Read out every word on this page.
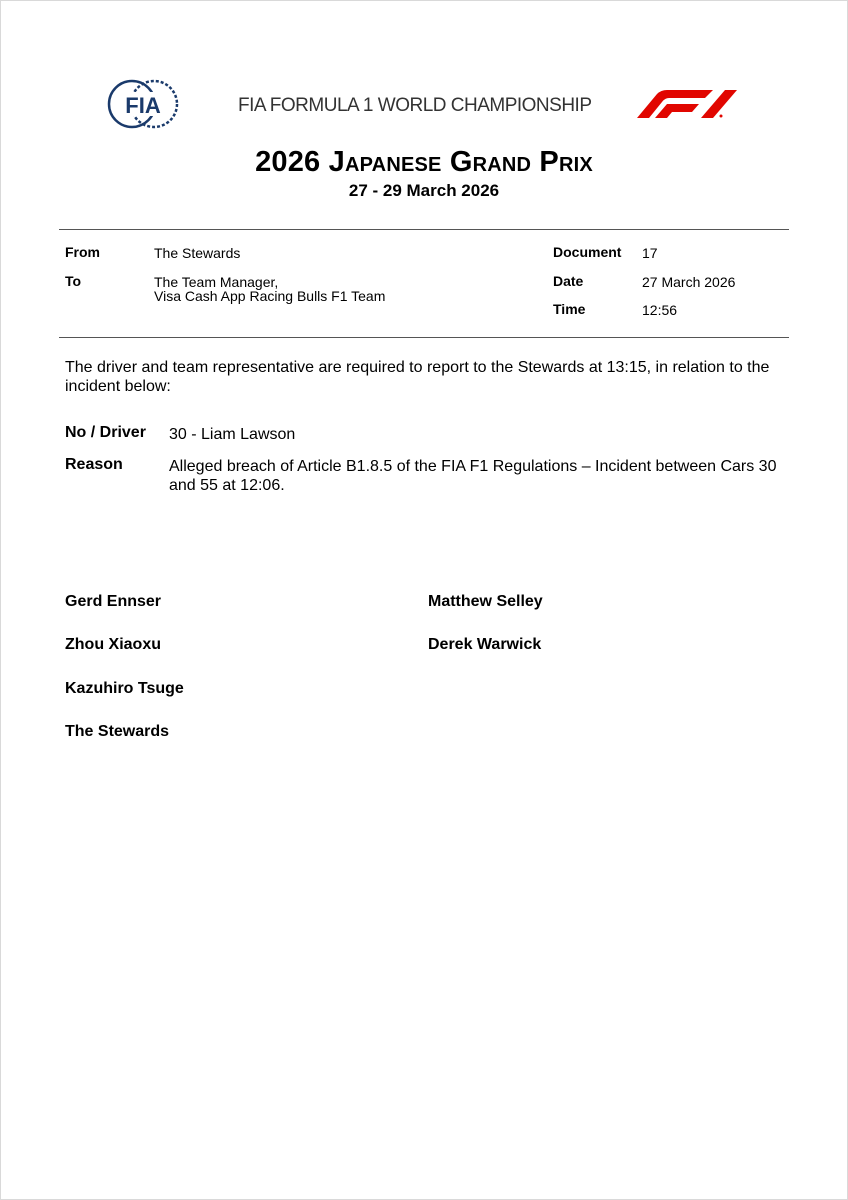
FIA	FIA FORMULA 1 WORLD CHAMPIONSHIP
2026 Japanese Grand Prix
27 - 29 March 2026
From	The Stewards
To	The Team Manager,
Visa Cash App Racing Bulls F1 Team
Document 17
Date	27 March 2026
Time	12:56
The driver and team representative are required to report to the Stewards at 13:15, in relation to the incident below:
No / Driver 30 - Liam Lawson
Reason	Alleged breach of Article B1.8.5 of the FIA F1 Regulations – Incident between Cars 30 and 55 at 12:06.
Gerd Ennser	Matthew Selley
Zhou Xiaoxu	Derek Warwick
Kazuhiro Tsuge
The Stewards
